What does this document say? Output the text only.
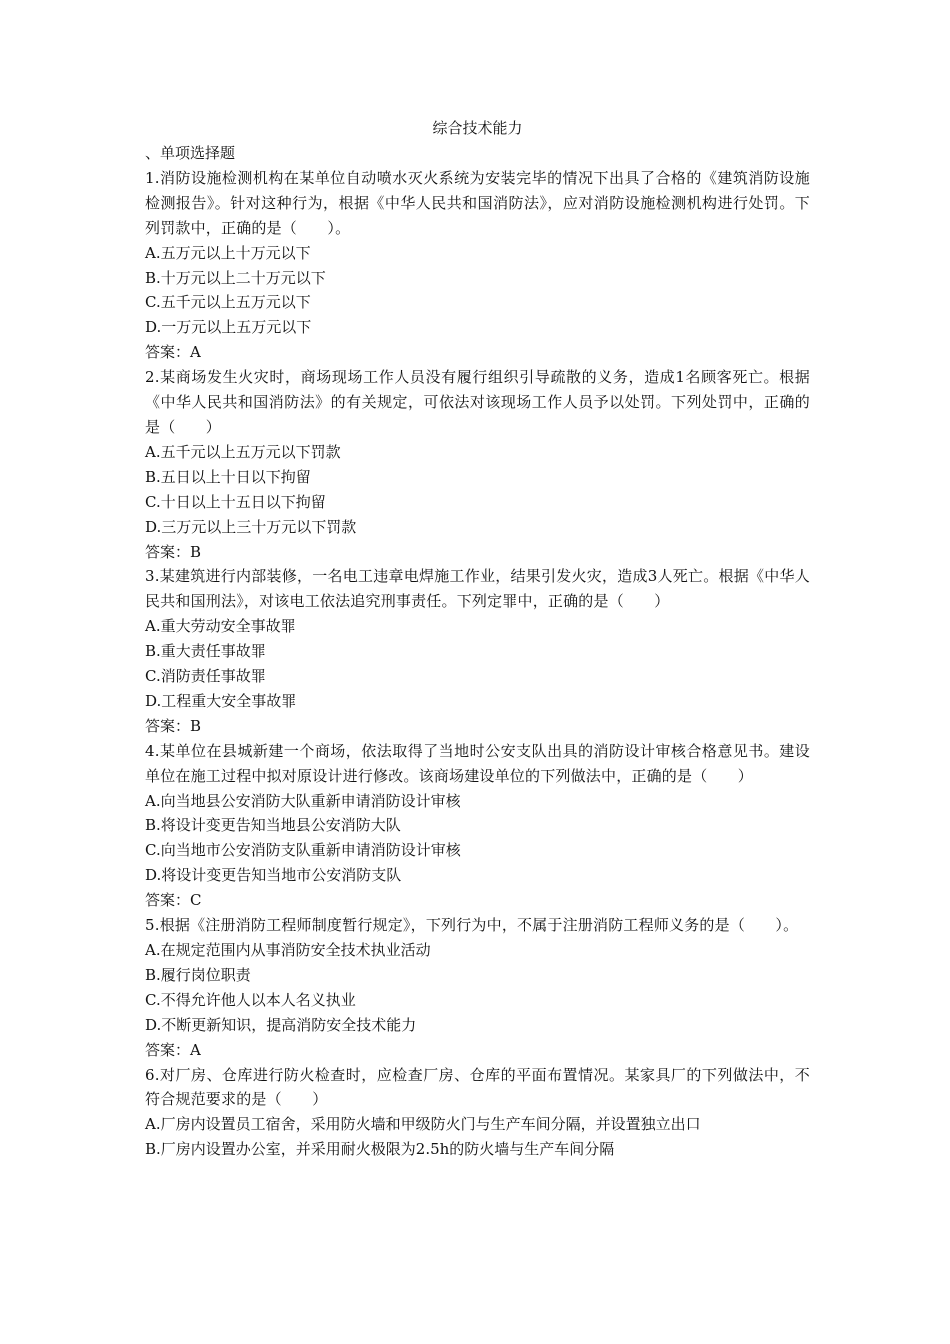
综合技术能力
、单项选择题
1.消防设施检测机构在某单位自动喷水灭火系统为安装完毕的情况下出具了合格的《建筑消防设施检测报告》。针对这种行为，根据《中华人民共和国消防法》，应对消防设施检测机构进行处罚。下列罚款中，正确的是（　　）。
A.五万元以上十万元以下
B.十万元以上二十万元以下
C.五千元以上五万元以下
D.一万元以上五万元以下
答案：A
2.某商场发生火灾时，商场现场工作人员没有履行组织引导疏散的义务，造成1名顾客死亡。根据《中华人民共和国消防法》的有关规定，可依法对该现场工作人员予以处罚。下列处罚中，正确的是（　　）
A.五千元以上五万元以下罚款
B.五日以上十日以下拘留
C.十日以上十五日以下拘留
D.三万元以上三十万元以下罚款
答案：B
3.某建筑进行内部装修，一名电工违章电焊施工作业，结果引发火灾，造成3人死亡。根据《中华人民共和国刑法》，对该电工依法追究刑事责任。下列定罪中，正确的是（　　）
A.重大劳动安全事故罪
B.重大责任事故罪
C.消防责任事故罪
D.工程重大安全事故罪
答案：B
4.某单位在县城新建一个商场，依法取得了当地时公安支队出具的消防设计审核合格意见书。建设单位在施工过程中拟对原设计进行修改。该商场建设单位的下列做法中，正确的是（　　）
A.向当地县公安消防大队重新申请消防设计审核
B.将设计变更告知当地县公安消防大队
C.向当地市公安消防支队重新申请消防设计审核
D.将设计变更告知当地市公安消防支队
答案：C
5.根据《注册消防工程师制度暂行规定》，下列行为中，不属于注册消防工程师义务的是（　　）。
A.在规定范围内从事消防安全技术执业活动
B.履行岗位职责
C.不得允许他人以本人名义执业
D.不断更新知识，提高消防安全技术能力
答案：A
6.对厂房、仓库进行防火检查时，应检查厂房、仓库的平面布置情况。某家具厂的下列做法中，不符合规范要求的是（　　）
A.厂房内设置员工宿舍，采用防火墙和甲级防火门与生产车间分隔，并设置独立出口
B.厂房内设置办公室，并采用耐火极限为2.5h的防火墙与生产车间分隔
